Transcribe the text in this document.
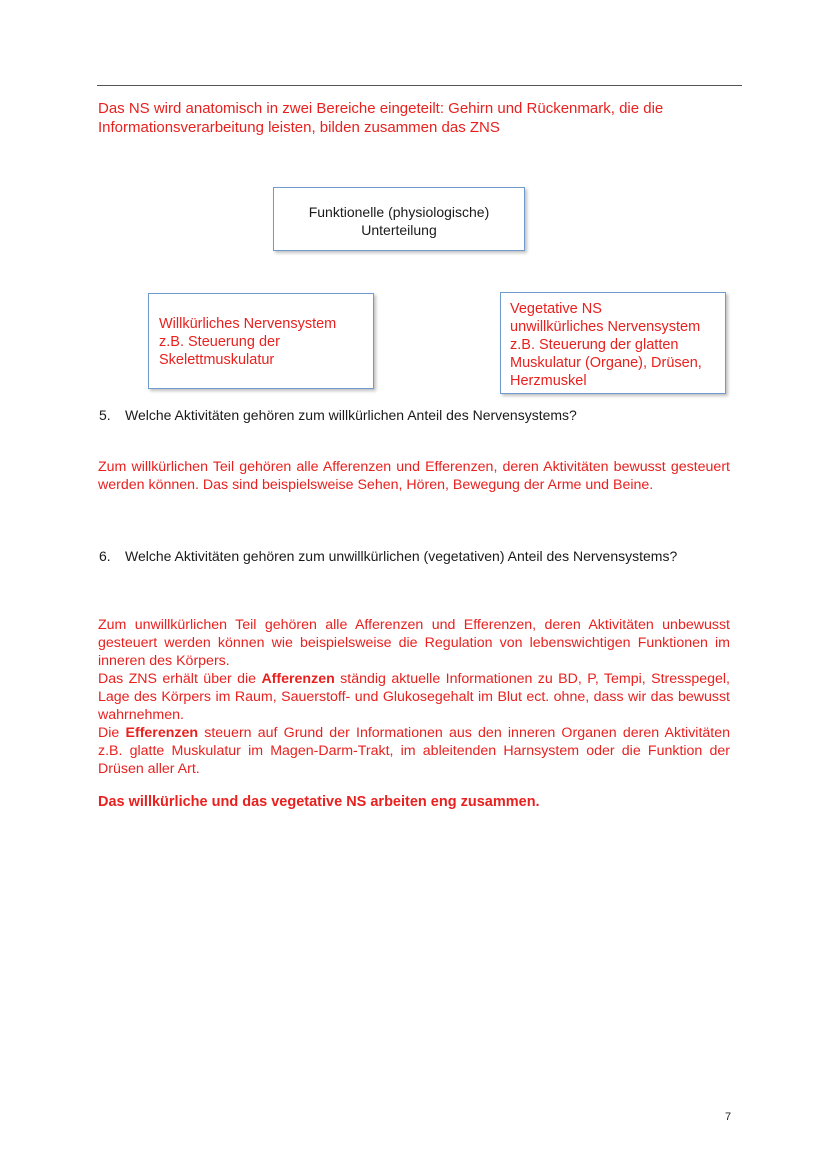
Das NS wird anatomisch in zwei Bereiche eingeteilt: Gehirn und Rückenmark, die die Informationsverarbeitung leisten, bilden zusammen das ZNS
Funktionelle (physiologische)
Unterteilung
Willkürliches Nervensystem
z.B. Steuerung der
Skelettmuskulatur
Vegetative NS
unwillkürliches Nervensystem
z.B. Steuerung der glatten
Muskulatur (Organe), Drüsen,
Herzmuskel
5. Welche Aktivitäten gehören zum willkürlichen Anteil des Nervensystems?

Zum willkürlichen Teil gehören alle Afferenzen und Efferenzen, deren Aktivitäten bewusst gesteuert werden können. Das sind beispielsweise Sehen, Hören, Bewegung der Arme und Beine.

6. Welche Aktivitäten gehören zum unwillkürlichen (vegetativen) Anteil des Nervensystems?

Zum unwillkürlichen Teil gehören alle Afferenzen und Efferenzen, deren Aktivitäten unbewusst gesteuert werden können wie beispielsweise die Regulation von lebenswichtigen Funktionen im inneren des Körpers.

Das ZNS erhält über die Afferenzen ständig aktuelle Informationen zu BD, P, Tempi, Stresspegel, Lage des Körpers im Raum, Sauerstoff- und Glukosegehalt im Blut ect. ohne, dass wir das bewusst wahrnehmen.

Die Efferenzen steuern auf Grund der Informationen aus den inneren Organen deren Aktivitäten z.B. glatte Muskulatur im Magen-Darm-Trakt, im ableitenden Harnsystem oder die Funktion der Drüsen aller Art.

Das willkürliche und das vegetative NS arbeiten eng zusammen.
7
